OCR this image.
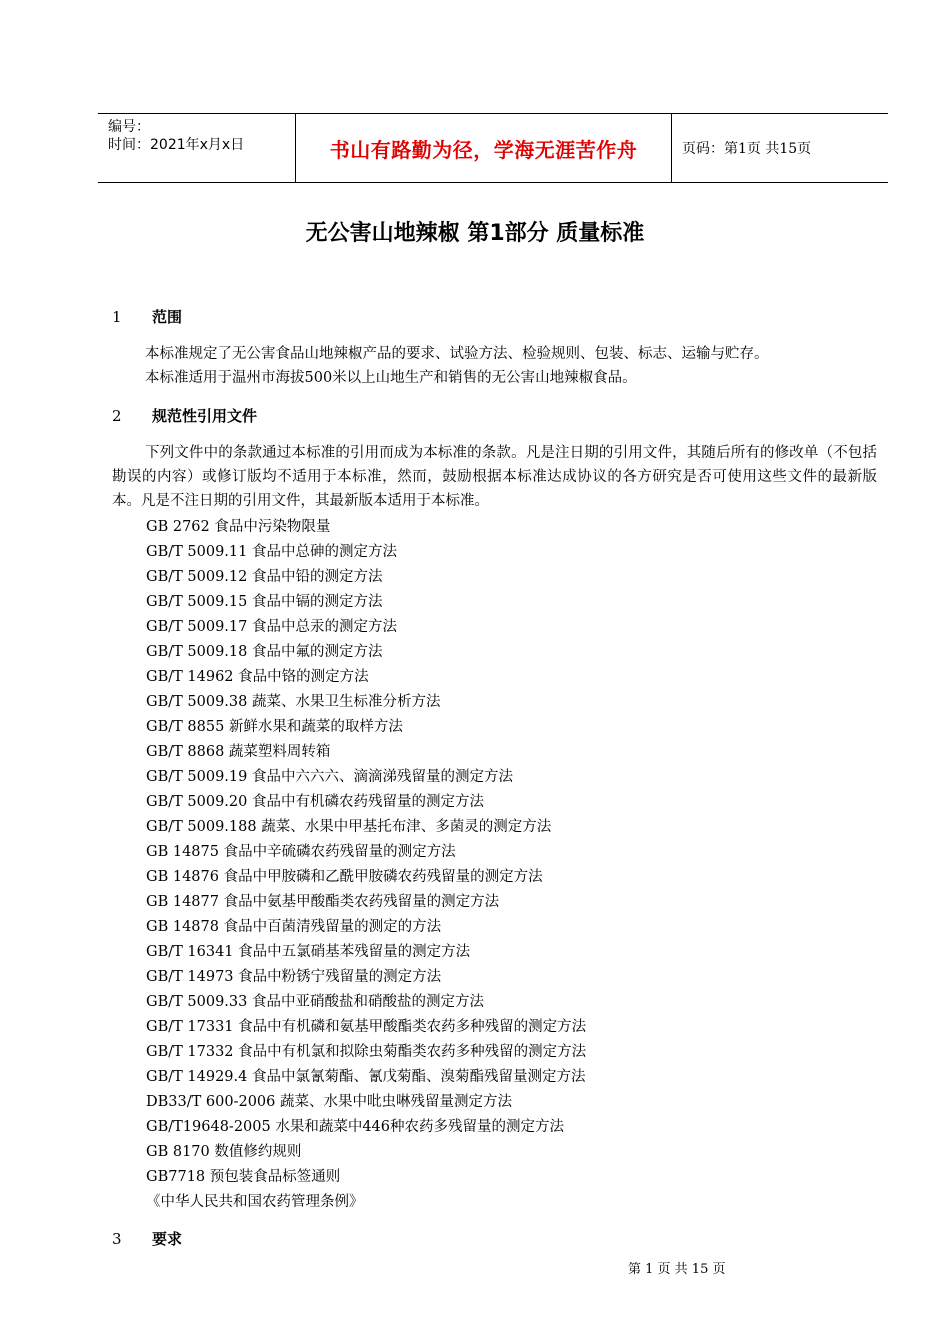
编号：
时间：2021年x月x日	书山有路勤为径，学海无涯苦作舟	页码：第1页 共15页
无公害山地辣椒 第1部分 质量标准
1 范围
本标准规定了无公害食品山地辣椒产品的要求、试验方法、检验规则、包装、标志、运输与贮存。
本标准适用于温州市海拔500米以上山地生产和销售的无公害山地辣椒食品。
2 规范性引用文件
下列文件中的条款通过本标准的引用而成为本标准的条款。凡是注日期的引用文件，其随后所有的修改单（不包括勘误的内容）或修订版均不适用于本标准，然而，鼓励根据本标准达成协议的各方研究是否可使用这些文件的最新版本。凡是不注日期的引用文件，其最新版本适用于本标准。
GB 2762 食品中污染物限量
GB/T 5009.11 食品中总砷的测定方法
GB/T 5009.12 食品中铅的测定方法
GB/T 5009.15 食品中镉的测定方法
GB/T 5009.17 食品中总汞的测定方法
GB/T 5009.18 食品中氟的测定方法
GB/T 14962 食品中铬的测定方法
GB/T 5009.38 蔬菜、水果卫生标准分析方法
GB/T 8855 新鲜水果和蔬菜的取样方法
GB/T 8868 蔬菜塑料周转箱
GB/T 5009.19 食品中六六六、滴滴涕残留量的测定方法
GB/T 5009.20 食品中有机磷农药残留量的测定方法
GB/T 5009.188 蔬菜、水果中甲基托布津、多菌灵的测定方法
GB 14875 食品中辛硫磷农药残留量的测定方法
GB 14876 食品中甲胺磷和乙酰甲胺磷农药残留量的测定方法
GB 14877 食品中氨基甲酸酯类农药残留量的测定方法
GB 14878 食品中百菌清残留量的测定的方法
GB/T 16341 食品中五氯硝基苯残留量的测定方法
GB/T 14973 食品中粉锈宁残留量的测定方法
GB/T 5009.33 食品中亚硝酸盐和硝酸盐的测定方法
GB/T 17331 食品中有机磷和氨基甲酸酯类农药多种残留的测定方法
GB/T 17332 食品中有机氯和拟除虫菊酯类农药多种残留的测定方法
GB/T 14929.4 食品中氯氰菊酯、氰戊菊酯、溴菊酯残留量测定方法
DB33/T 600-2006 蔬菜、水果中吡虫啉残留量测定方法
GB/T19648-2005 水果和蔬菜中446种农药多残留量的测定方法
GB 8170 数值修约规则
GB7718 预包装食品标签通则
《中华人民共和国农药管理条例》
3 要求
第 1 页 共 15 页
